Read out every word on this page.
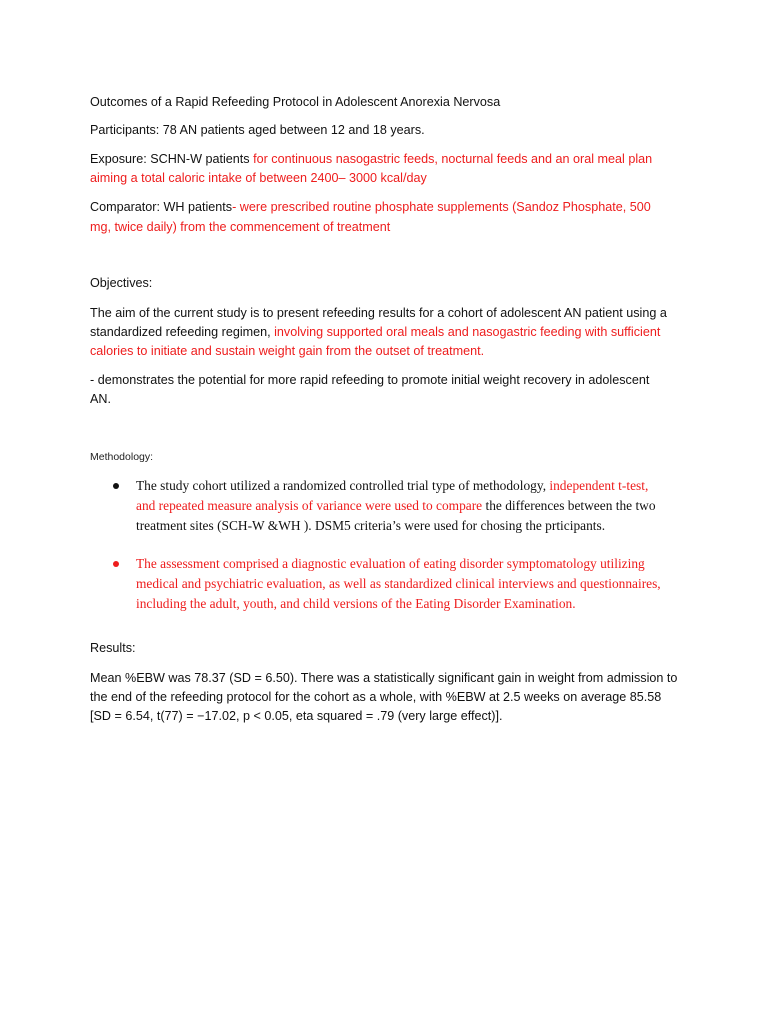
Outcomes of a Rapid Refeeding Protocol in Adolescent Anorexia Nervosa
Participants: 78 AN patients aged between 12 and 18 years.
Exposure: SCHN-W patients for continuous nasogastric feeds, nocturnal feeds and an oral meal plan
aiming a total caloric intake of between 2400– 3000 kcal/day
Comparator: WH patients- were prescribed routine phosphate supplements (Sandoz Phosphate, 500
mg, twice daily) from the commencement of treatment
Objectives:
The aim of the current study is to present refeeding results for a cohort of adolescent AN patient using a
standardized refeeding regimen, involving supported oral meals and nasogastric feeding with sufficient
calories to initiate and sustain weight gain from the outset of treatment.
- demonstrates the potential for more rapid refeeding to promote initial weight recovery in adolescent
AN.
Methodology:
The study cohort utilized a randomized controlled trial type of methodology, independent t-test,
and repeated measure analysis of variance were used to compare the differences between the two
treatment sites (SCH-W &WH ). DSM5 criteria’s were used for chosing the prticipants.
The assessment comprised a diagnostic evaluation of eating disorder symptomatology utilizing
medical and psychiatric evaluation, as well as standardized clinical interviews and questionnaires,
including the adult, youth, and child versions of the Eating Disorder Examination.
Results:
Mean %EBW was 78.37 (SD = 6.50). There was a statistically significant gain in weight from admission to
the end of the refeeding protocol for the cohort as a whole, with %EBW at 2.5 weeks on average 85.58
[SD = 6.54, t(77) = −17.02, p < 0.05, eta squared = .79 (very large effect)].
